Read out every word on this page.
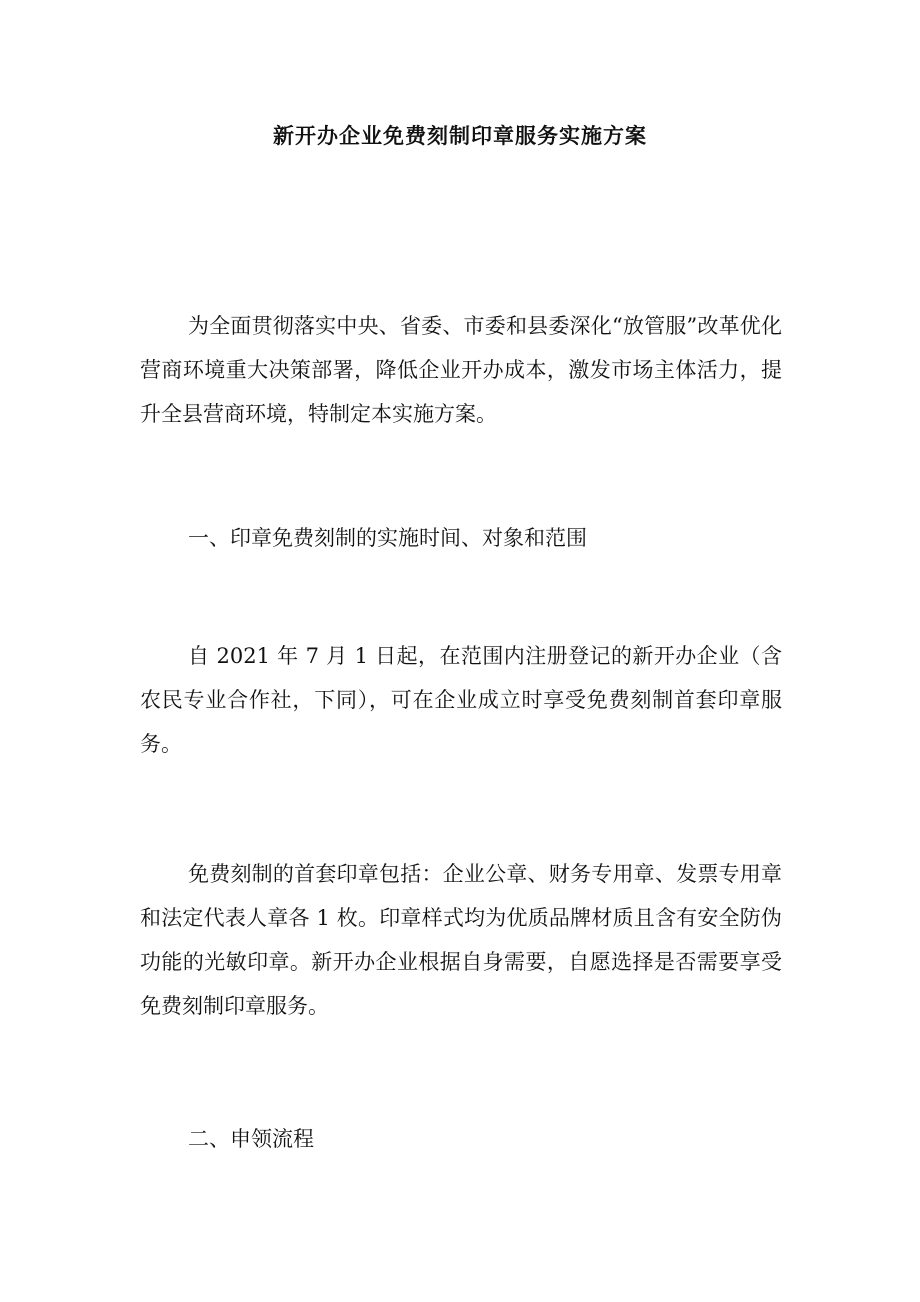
新开办企业免费刻制印章服务实施方案
为全面贯彻落实中央、省委、市委和县委深化“放管服”改革优化营商环境重大决策部署，降低企业开办成本，激发市场主体活力，提升全县营商环境，特制定本实施方案。
一、印章免费刻制的实施时间、对象和范围
自 2021 年 7 月 1 日起，在范围内注册登记的新开办企业（含农民专业合作社，下同），可在企业成立时享受免费刻制首套印章服务。
免费刻制的首套印章包括：企业公章、财务专用章、发票专用章和法定代表人章各 1 枚。印章样式均为优质品牌材质且含有安全防伪功能的光敏印章。新开办企业根据自身需要，自愿选择是否需要享受免费刻制印章服务。
二、申领流程
